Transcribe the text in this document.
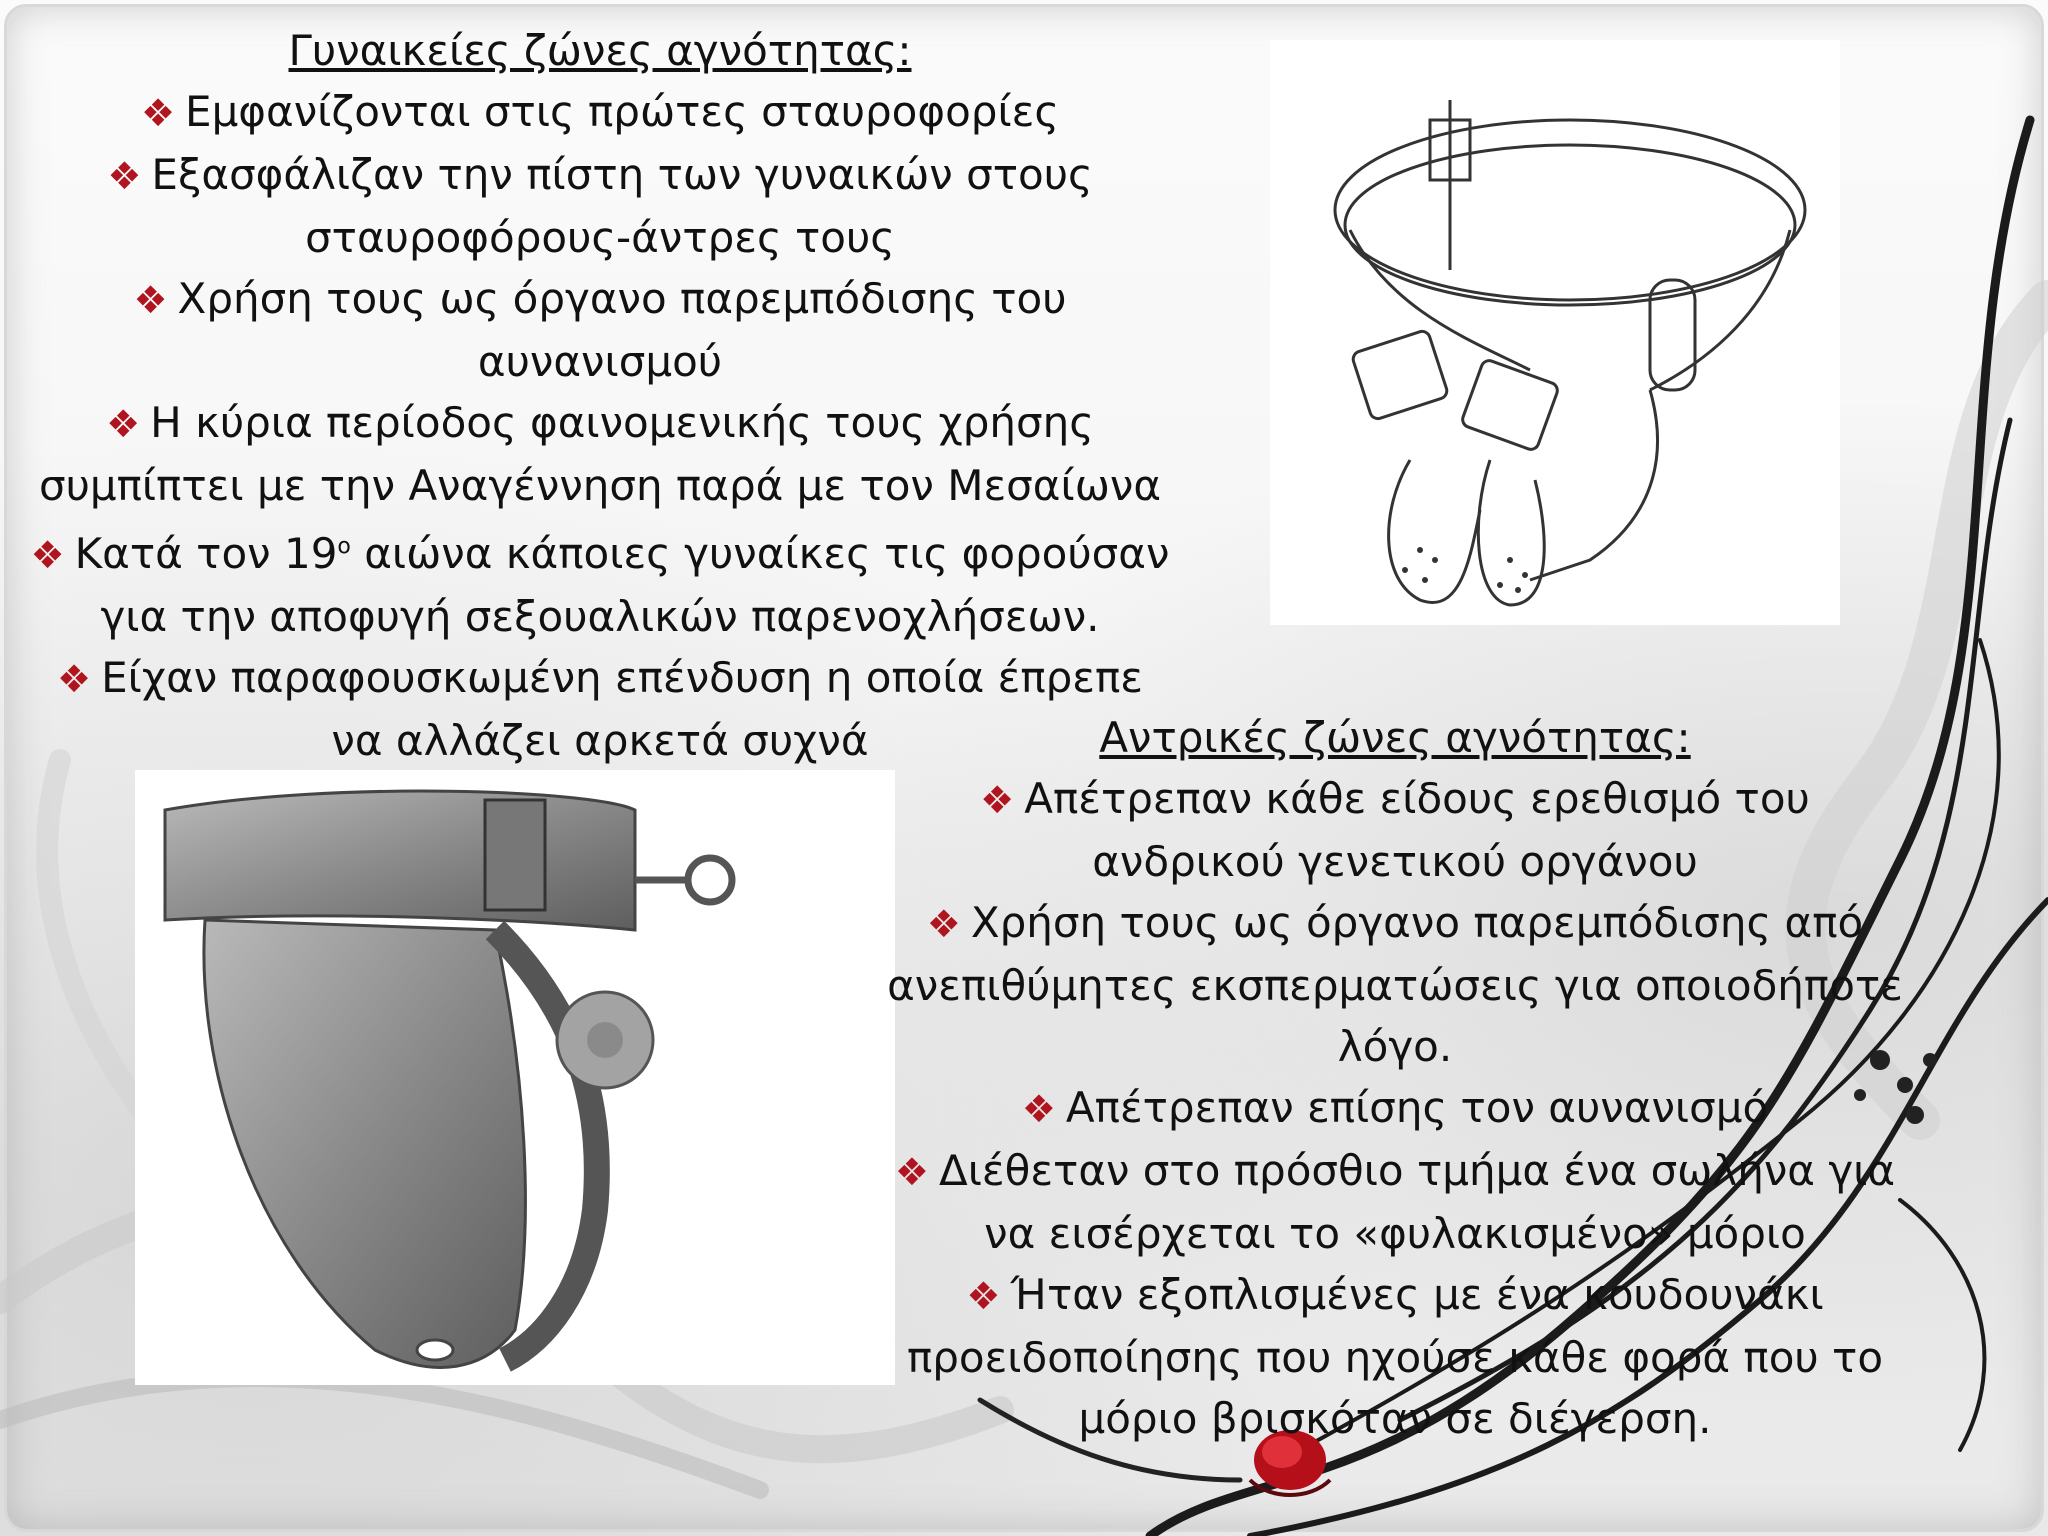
Γυναικείες ζώνες αγνότητας:
❖ Εμφανίζονται στις πρώτες σταυροφορίες
❖ Εξασφάλιζαν την πίστη των γυναικών στους
σταυροφόρους-άντρες τους
❖ Χρήση τους ως όργανο παρεμπόδισης του
αυνανισμού
❖ Η κύρια περίοδος φαινομενικής τους χρήσης
συμπίπτει με την Αναγέννηση παρά με τον Μεσαίωνα
❖ Κατά τον $19^o$ αιώνα κάποιες γυναίκες τις φορούσαν
για την αποφυγή σεξουαλικών παρενοχλήσεων.
❖ Είχαν παραφουσκωμένη επένδυση η οποία έπρεπε
να αλλάζει αρκετά συχνά	Αντρικές ζώνες αγνότητας:
❖ Απέτρεπαν κάθε είδους ερεθισμό του
ανδρικού γενετικού οργάνου
❖ Χρήση τους ως όργανο παρεμπόδισης από
ανεπιθύμητες εκσπερματώσεις για οποιοδήποτε
λόγο.
❖ Απέτρεπαν επίσης τον αυνανισμό
❖ Διέθεταν στο πρόσθιο τμήμα ένα σωλήνα για
να εισέρχεται το «φυλακισμένο» μόριο
❖ Ήταν εξοπλισμένες με ένα κουδουνάκι
προειδοποίησης που ηχούσε κάθε φορά που το
μόριο βρισκόταν σε διέγερση.
